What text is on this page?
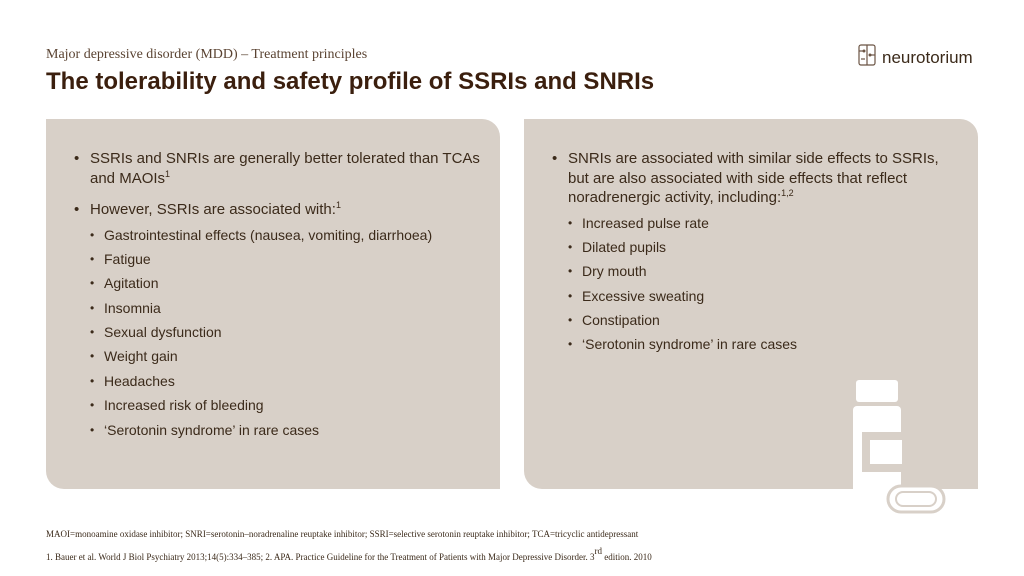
Major depressive disorder (MDD) – Treatment principles
The tolerability and safety profile of SSRIs and SNRIs
neurotorium
• SSRIs and SNRIs are generally better tolerated than TCAs and MAOIs$^1$
• However, SSRIs are associated with:$^1$
• Gastrointestinal effects (nausea, vomiting, diarrhoea)
• Fatigue
• Agitation
• Insomnia
• Sexual dysfunction
• Weight gain
• Headaches
• Increased risk of bleeding
• ‘Serotonin syndrome’ in rare cases
• SNRIs are associated with similar side effects to SSRIs, but are also associated with side effects that reflect noradrenergic activity, including:$^{1,2}$
• Increased pulse rate
• Dilated pupils
• Dry mouth
• Excessive sweating
• Constipation
• ‘Serotonin syndrome’ in rare cases
MAOI=monoamine oxidase inhibitor; SNRI=serotonin–noradrenaline reuptake inhibitor; SSRI=selective serotonin reuptake inhibitor; TCA=tricyclic antidepressant
1. Bauer et al. World J Biol Psychiatry 2013;14(5):334–385; 2. APA. Practice Guideline for the Treatment of Patients with Major Depressive Disorder. 3rd edition. 2010
